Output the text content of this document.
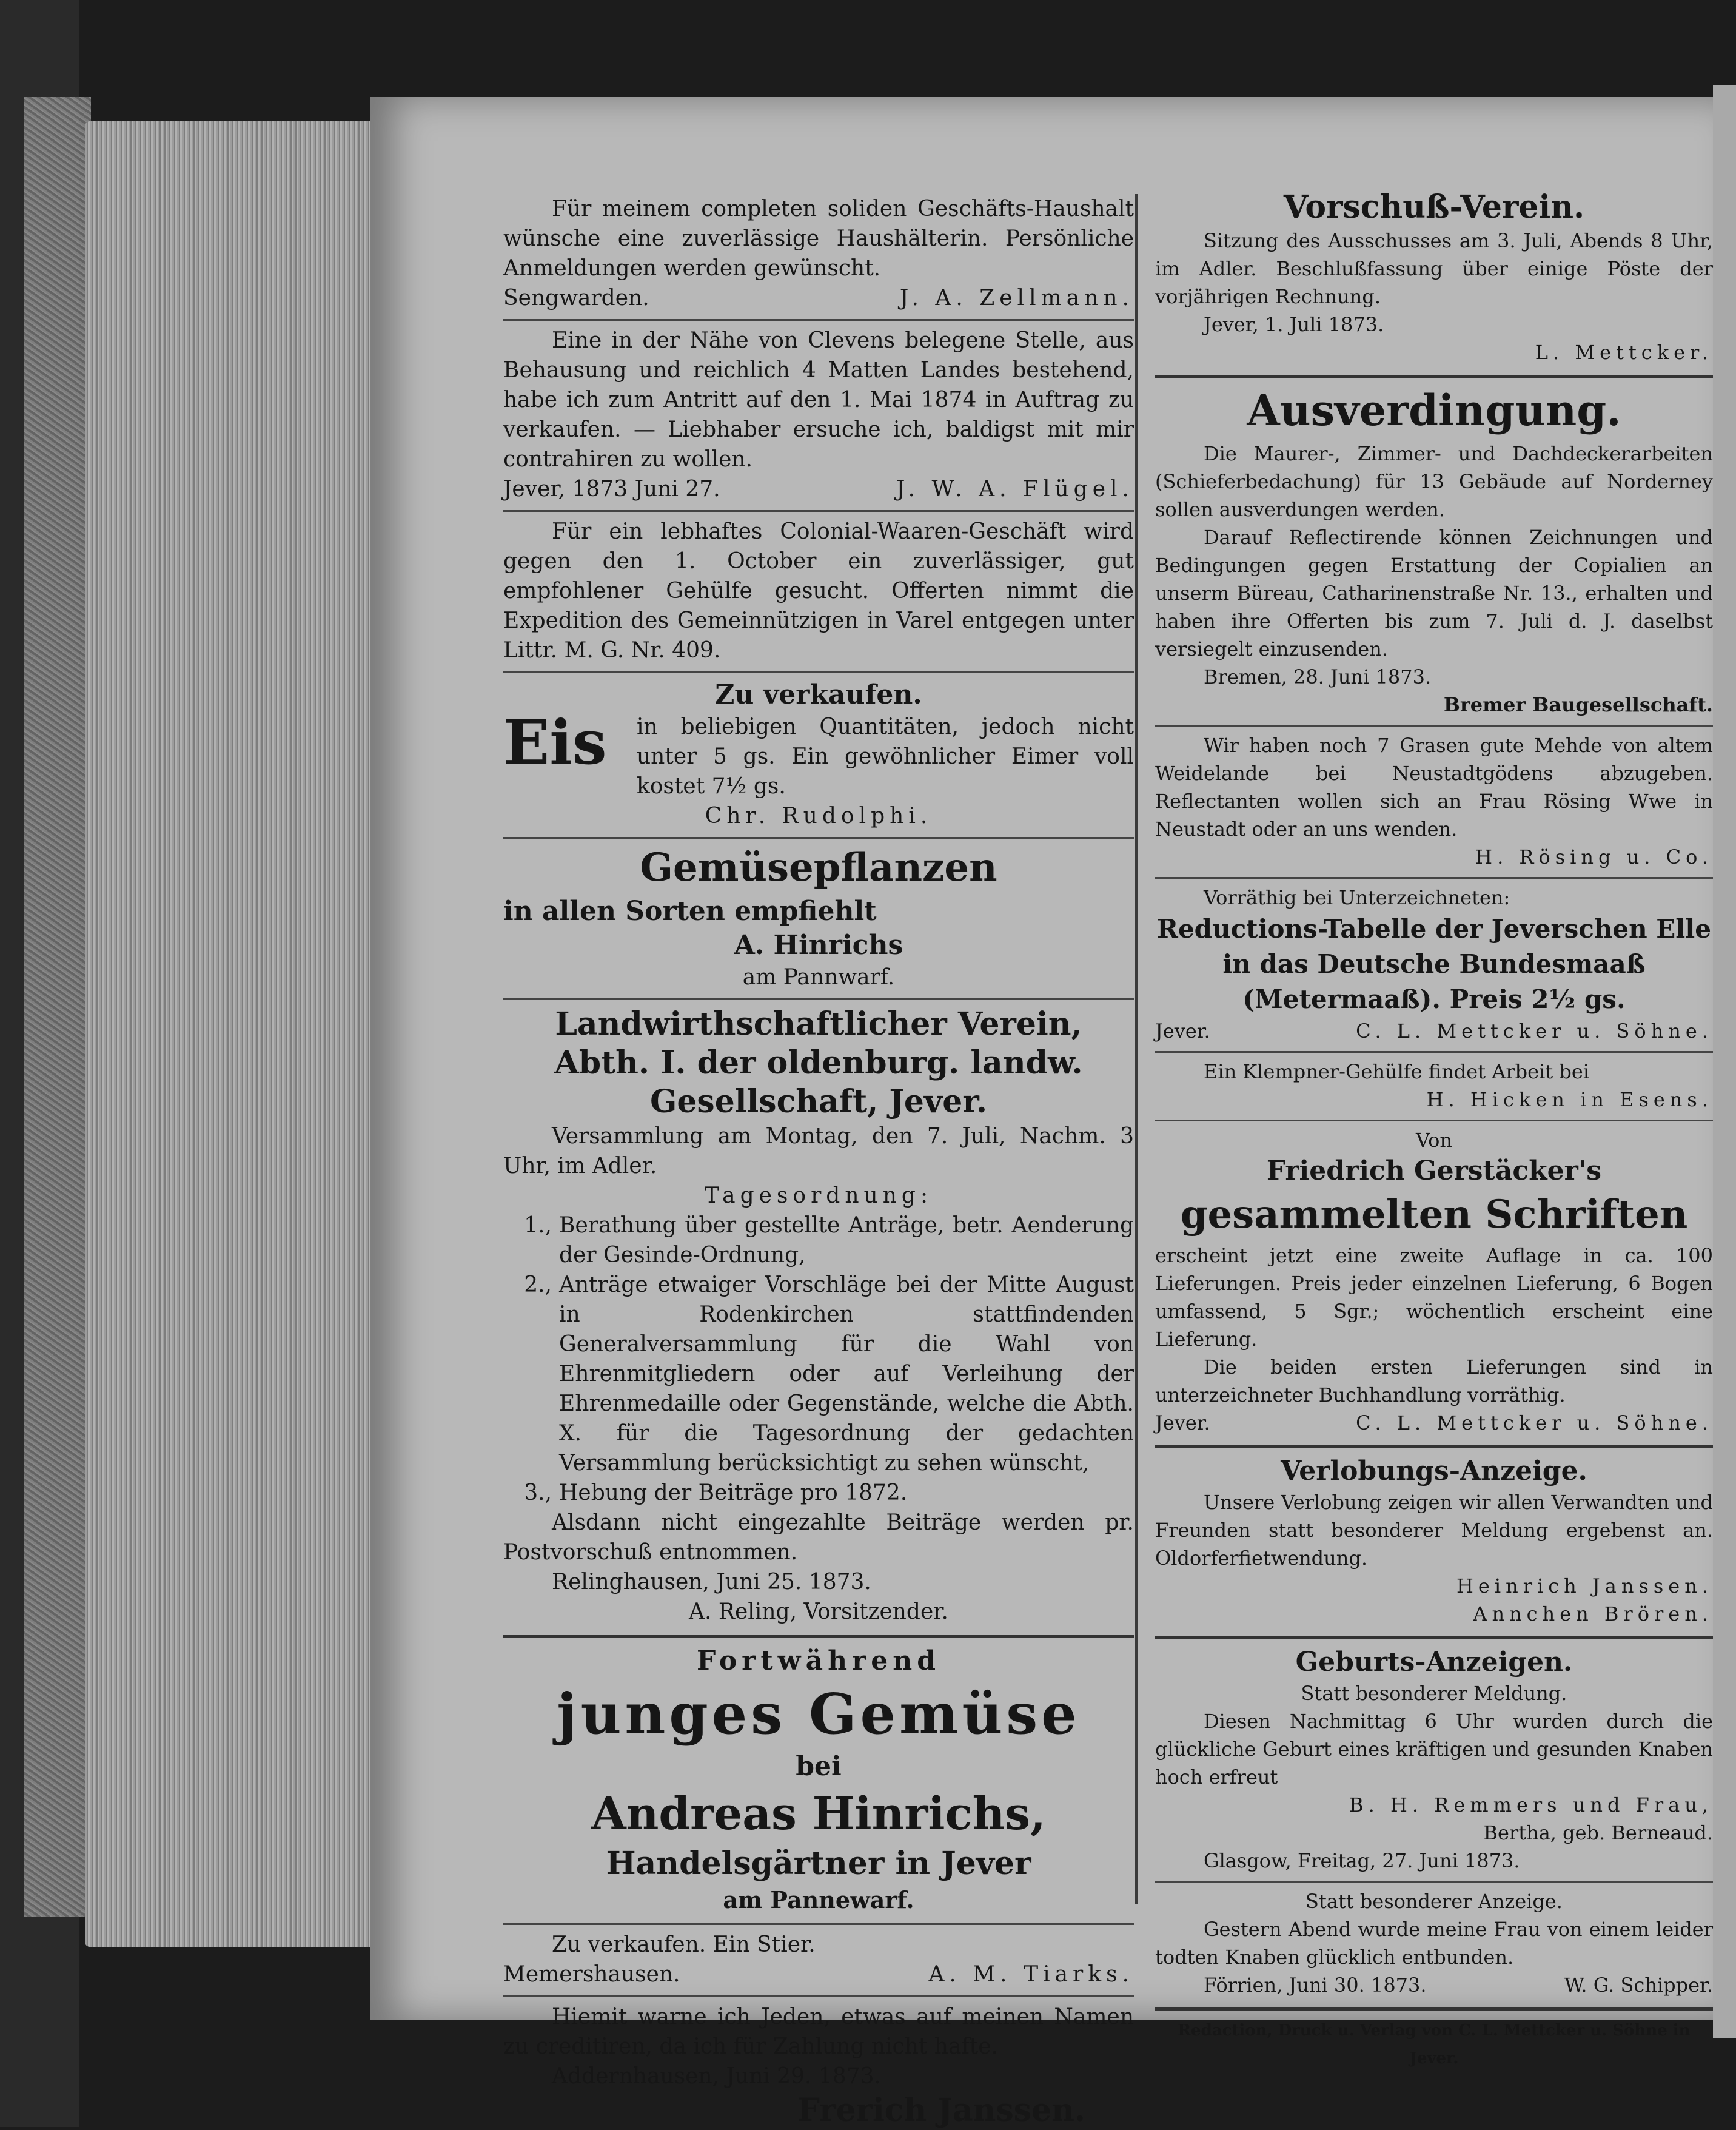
Für meinem completen soliden Geschäfts-Haushalt wünsche eine zuverlässige Haushälterin. Persönliche Anmeldungen werden gewünscht.

Sengwarden.	J. A. Zellmann.

Eine in der Nähe von Clevens belegene Stelle, aus Behausung und reichlich 4 Matten Landes bestehend, habe ich zum Antritt auf den 1. Mai 1874 in Auftrag zu verkaufen. — Liebhaber ersuche ich, baldigst mit mir contrahiren zu wollen.

Jever, 1873 Juni 27.	J. W. A. Flügel.

Für ein lebhaftes Colonial-Waaren-Geschäft wird gegen den 1. October ein zuverlässiger, gut empfohlener Gehülfe gesucht. Offerten nimmt die Expedition des Gemeinnützigen in Varel entgegen unter Littr. M. G. Nr. 409.

Zu verkaufen.

Eis	in beliebigen Quantitäten, jedoch nicht unter 5 gs. Ein gewöhnlicher Eimer voll kostet 7½ gs.

Chr. Rudolphi.

Gemüsepflanzen

in allen Sorten empfiehlt

A. Hinrichs

am Pannwarf.

Landwirthschaftlicher Verein,

Abth. I. der oldenburg. landw.

Gesellschaft, Jever.

Versammlung am Montag, den 7. Juli, Nachm. 3 Uhr, im Adler.

Tagesordnung:

1., Berathung über gestellte Anträge, betr. Aenderung der Gesinde-Ordnung,
2., Anträge etwaiger Vorschläge bei der Mitte August in Rodenkirchen stattfindenden Generalversammlung für die Wahl von Ehrenmitgliedern oder auf Verleihung der Ehrenmedaille oder Gegenstände, welche die Abth. X. für die Tagesordnung der gedachten Versammlung berücksichtigt zu sehen wünscht,
3., Hebung der Beiträge pro 1872.

Alsdann nicht eingezahlte Beiträge werden pr. Postvorschuß entnommen.

Relinghausen, Juni 25. 1873.

A. Reling, Vorsitzender.

Fortwährend

junges Gemüse

bei

Andreas Hinrichs,

Handelsgärtner in Jever

am Pannewarf.

Zu verkaufen. Ein Stier.

Memershausen.	A. M. Tiarks.

Hiemit warne ich Jeden, etwas auf meinen Namen zu creditiren, da ich für Zahlung nicht hafte.

Addernhausen, Juni 29. 1873.

Frerich Janssen.

Vorschuß-Verein.

Sitzung des Ausschusses am 3. Juli, Abends 8 Uhr, im Adler. Beschlußfassung über einige Pöste der vorjährigen Rechnung.

Jever, 1. Juli 1873.

L. Mettcker.

Ausverdingung.

Die Maurer-, Zimmer- und Dachdeckerarbeiten (Schieferbedachung) für 13 Gebäude auf Norderney sollen ausverdungen werden.

Darauf Reflectirende können Zeichnungen und Bedingungen gegen Erstattung der Copialien an unserm Büreau, Catharinenstraße Nr. 13., erhalten und haben ihre Offerten bis zum 7. Juli d. J. daselbst versiegelt einzusenden.

Bremen, 28. Juni 1873.

Bremer Baugesellschaft.

Wir haben noch 7 Grasen gute Mehde von altem Weidelande bei Neustadtgödens abzugeben. Reflectanten wollen sich an Frau Rösing Wwe in Neustadt oder an uns wenden.

H. Rösing u. Co.

Vorräthig bei Unterzeichneten:

Reductions-Tabelle der Jeverschen Elle in das Deutsche Bundesmaaß (Metermaaß). Preis 2½ gs.

Jever.	C. L. Mettcker u. Söhne.

Ein Klempner-Gehülfe findet Arbeit bei

H. Hicken in Esens.

Von

Friedrich Gerstäcker's

gesammelten Schriften

erscheint jetzt eine zweite Auflage in ca. 100 Lieferungen. Preis jeder einzelnen Lieferung, 6 Bogen umfassend, 5 Sgr.; wöchentlich erscheint eine Lieferung.

Die beiden ersten Lieferungen sind in unterzeichneter Buchhandlung vorräthig.

Jever.	C. L. Mettcker u. Söhne.

Verlobungs-Anzeige.

Unsere Verlobung zeigen wir allen Verwandten und Freunden statt besonderer Meldung ergebenst an. Oldorferfietwendung.

Heinrich Janssen.

Annchen Brören.

Geburts-Anzeigen.

Statt besonderer Meldung.

Diesen Nachmittag 6 Uhr wurden durch die glückliche Geburt eines kräftigen und gesunden Knaben hoch erfreut

B. H. Remmers und Frau,

Bertha, geb. Berneaud.

Glasgow, Freitag, 27. Juni 1873.

Statt besonderer Anzeige.

Gestern Abend wurde meine Frau von einem leider todten Knaben glücklich entbunden.

Förrien, Juni 30. 1873.	W. G. Schipper.

Redaction, Druck u. Verlag von C. L. Mettcker u. Söhne in Jever.
